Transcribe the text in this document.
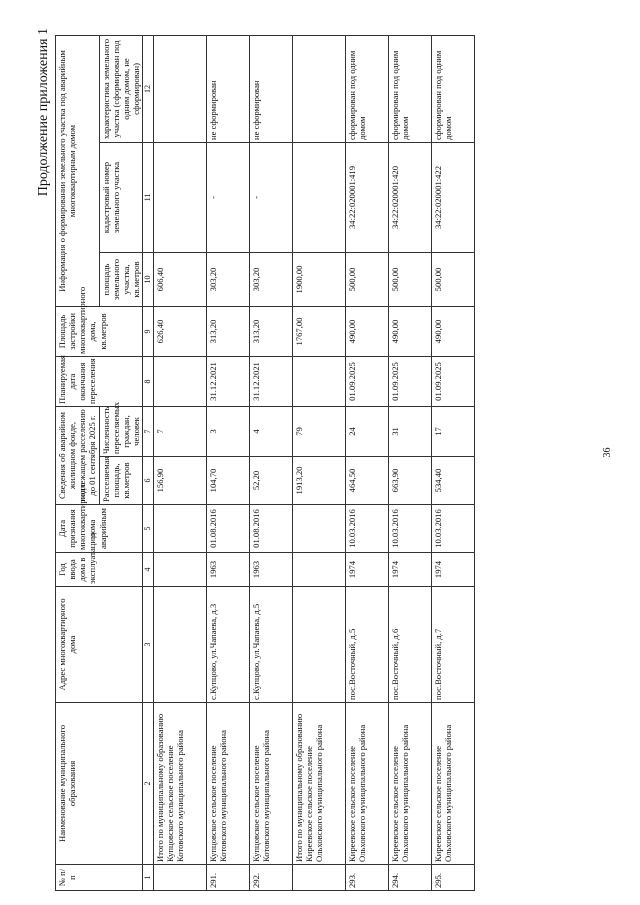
Продолжение приложения 1
№ п/п	Наименование муниципального образования	Адрес многоквартирного дома	Год ввода дома в эксплуатацию	Дата признания многоквартирного дома аварийным	Сведения об аварийном жилищном фонде, подлежащем расселению до 01 сентября 2025 г.		Планируемая дата окончания переселения	Площадь застройки многоквартирного дома, кв.метров	Информация о формировании земельного участка под аварийным многоквартирным домом		
					Расселяемая площадь, кв.метров	Численность переселяемых граждан, человек			площадь земельного участка, кв.метров	кадастровый номер земельного участка	характеристика земельного участка (сформирован под одним домом, не сформирован)
1	2	3	4	5	6	7	8	9	10	11	12
	Итого по муниципальному образованию Купцовское сельское поселение Котовского муниципального района				156,90	7		626,40	606,40		
291.	Купцовское сельское поселение Котовского муниципального района	с.Купцово, ул.Чапаева, д.3	1963	01.08.2016	104,70	3	31.12.2021	313,20	303,20	-	не сформирован
292.	Купцовское сельское поселение Котовского муниципального района	с.Купцово, ул.Чапаева, д.5	1963	01.08.2016	52,20	4	31.12.2021	313,20	303,20	-	не сформирован
	Итого по муниципальному образованию Киреевское сельское поселение Ольховского муниципального района				1913,20	79		1767,00	1900,00		
293.	Киреевское сельское поселение Ольховского муниципального района	пос.Восточный, д.5	1974	10.03.2016	464,50	24	01.09.2025	490,00	500,00	34:22:020001:419	сформирован под одним домом
294.	Киреевское сельское поселение Ольховского муниципального района	пос.Восточный, д.6	1974	10.03.2016	663,90	31	01.09.2025	490,00	500,00	34:22:020001:420	сформирован под одним домом
295.	Киреевское сельское поселение Ольховского муниципального района	пос.Восточный, д.7	1974	10.03.2016	534,40	17	01.09.2025	490,00	500,00	34:22:020001:422	сформирован под одним домом
36
